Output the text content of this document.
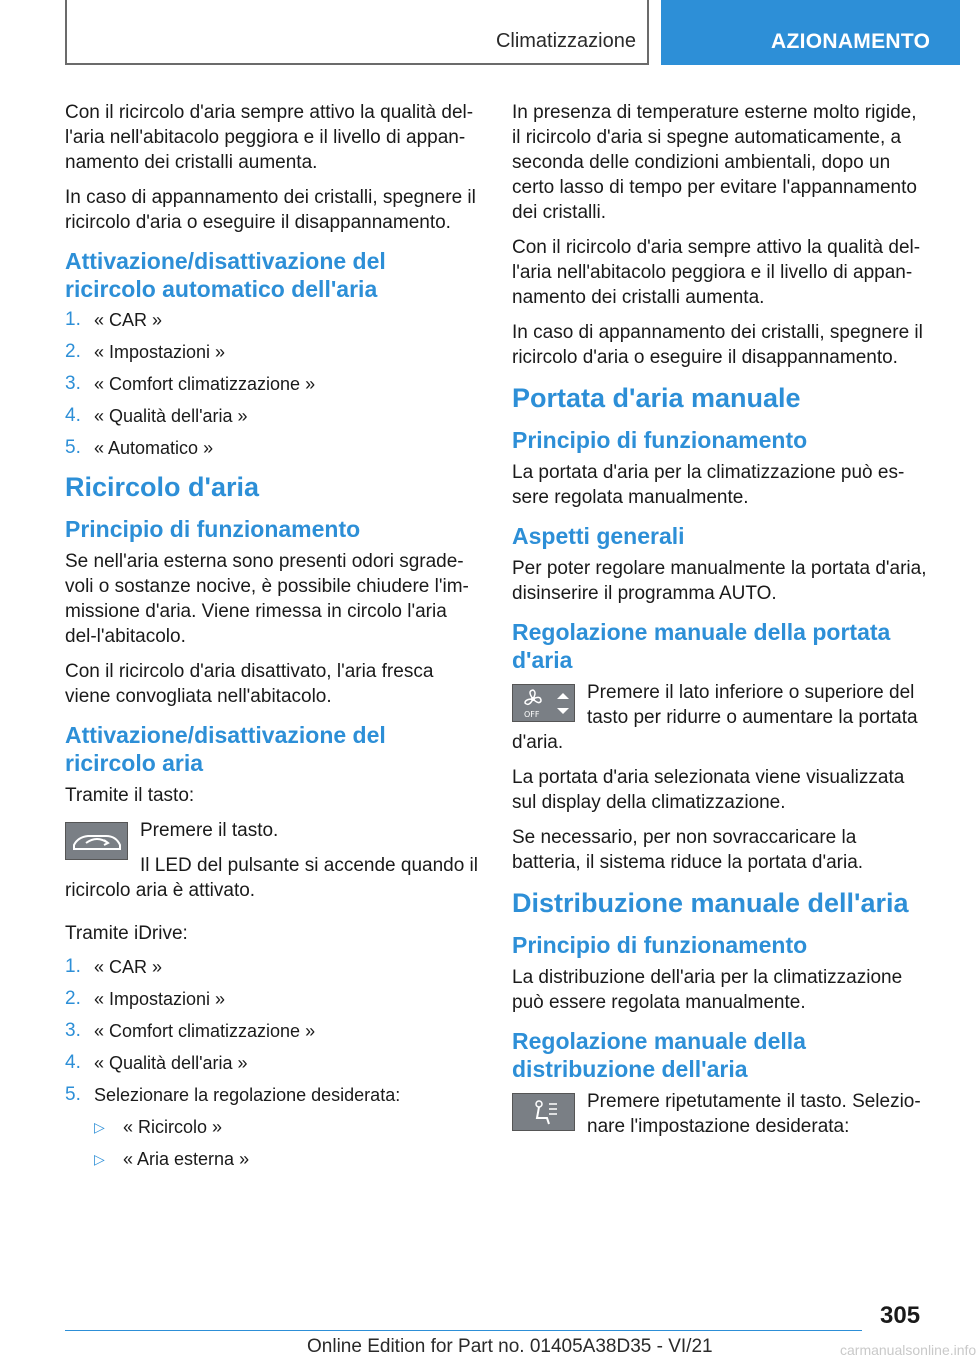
Climatizzazione	AZIONAMENTO

Con il ricircolo d'aria sempre attivo la qualità del-l'aria nell'abitacolo peggiora e il livello di appan-namento dei cristalli aumenta.

In caso di appannamento dei cristalli, spegnere il ricircolo d'aria o eseguire il disappannamento.

Attivazione/disattivazione del ricircolo automatico dell'aria
1. « CAR »
2. « Impostazioni »
3. « Comfort climatizzazione »
4. « Qualità dell'aria »
5. « Automatico »
Ricircolo d'aria
Principio di funzionamento

Se nell'aria esterna sono presenti odori sgrade-voli o sostanze nocive, è possibile chiudere l'im-missione d'aria. Viene rimessa in circolo l'aria del-l'abitacolo.

Con il ricircolo d'aria disattivato, l'aria fresca viene convogliata nell'abitacolo.

Attivazione/disattivazione del ricircolo aria

Tramite il tasto:

Premere il tasto.

Il LED del pulsante si accende quando il ricircolo aria è attivato.

Tramite iDrive:

1. « CAR »
2. « Impostazioni »
3. « Comfort climatizzazione »
4. « Qualità dell'aria »
5. Selezionare la regolazione desiderata:
▷ « Ricircolo »
▷ « Aria esterna »

In presenza di temperature esterne molto rigide, il ricircolo d'aria si spegne automaticamente, a seconda delle condizioni ambientali, dopo un certo lasso di tempo per evitare l'appannamento dei cristalli.

Con il ricircolo d'aria sempre attivo la qualità del-l'aria nell'abitacolo peggiora e il livello di appan-namento dei cristalli aumenta.

In caso di appannamento dei cristalli, spegnere il ricircolo d'aria o eseguire il disappannamento.

Portata d'aria manuale
Principio di funzionamento

La portata d'aria per la climatizzazione può es-sere regolata manualmente.

Aspetti generali

Per poter regolare manualmente la portata d'aria, disinserire il programma AUTO.

Regolazione manuale della portata d'aria
OFF

Premere il lato inferiore o superiore del tasto per ridurre o aumentare la portata d'aria.

La portata d'aria selezionata viene visualizzata sul display della climatizzazione.

Se necessario, per non sovraccaricare la batteria, il sistema riduce la portata d'aria.

Distribuzione manuale dell'aria
Principio di funzionamento

La distribuzione dell'aria per la climatizzazione può essere regolata manualmente.

Regolazione manuale della distribuzione dell'aria

Premere ripetutamente il tasto. Selezio-nare l'impostazione desiderata:

305
Online Edition for Part no. 01405A38D35 - VI/21	carmanualsonline.info
